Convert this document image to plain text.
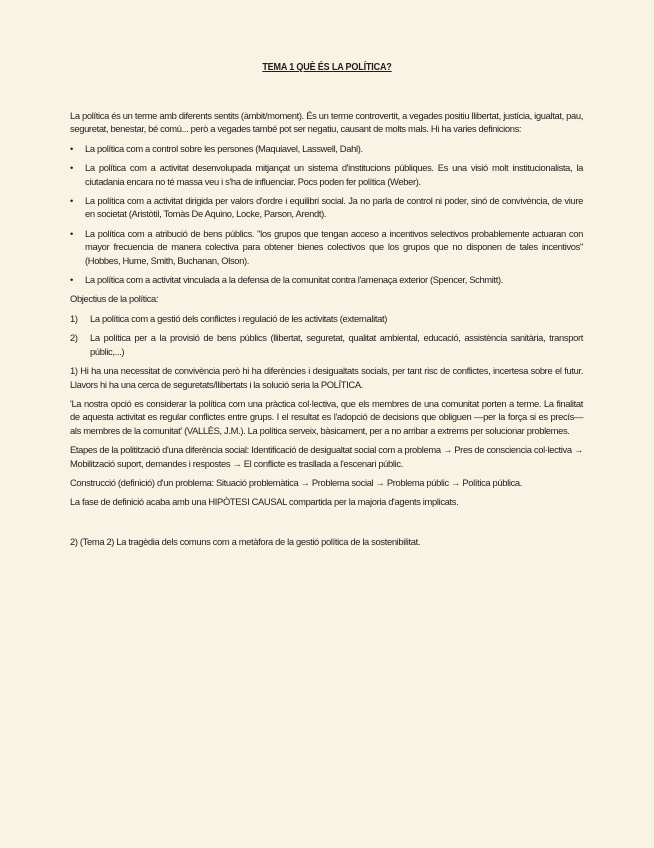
TEMA 1 QUÈ ÉS LA POLÍTICA?

La política és un terme amb diferents sentits (àmbit/moment). És un terme controvertit, a vegades positiu llibertat, justícia, igualtat, pau, seguretat, benestar, bé comú... però a vegades també pot ser negatiu, causant de molts mals. Hi ha varies definicions:

• La política com a control sobre les persones (Maquiavel, Lasswell, Dahl).
• La política com a activitat desenvolupada mitjançat un sistema d'institucions públiques. Es una visió molt institucionalista, la ciutadania encara no té massa veu i s'ha de influenciar. Pocs poden fer política (Weber).
• La política com a activitat dirigida per valors d'ordre i equilibri social. Ja no parla de control ni poder, sinó de convivència, de viure en societat (Aristòtil, Tomàs De Aquino, Locke, Parson, Arendt).
• La política com a atribució de bens públics. "los grupos que tengan acceso a incentivos selectivos probablemente actuaran con mayor frecuencia de manera colectiva para obtener bienes colectivos que los grupos que no disponen de tales incentivos" (Hobbes, Hume, Smith, Buchanan, Olson).
• La política com a activitat vinculada a la defensa de la comunitat contra l'amenaça exterior (Spencer, Schmitt).

Objectius de la política:

1) La política com a gestió dels conflictes i regulació de les activitats (externalitat)
2) La política per a la provisió de bens públics (llibertat, seguretat, qualitat ambiental, educació, assistència sanitària, transport públic,...)

1) Hi ha una necessitat de convivència però hi ha diferències i desigualtats socials, per tant risc de conflictes, incertesa sobre el futur. Llavors hi ha una cerca de seguretats/llibertats i la solució seria la POLÍTICA.

'La nostra opció es considerar la política com una pràctica col·lectiva, que els membres de una comunitat porten a terme. La finalitat de aquesta activitat es regular conflictes entre grups. I el resultat es l'adopció de decisions que obliguen —per la força si es precís— als membres de la comunitat' (VALLÈS, J.M.). La política serveix, bàsicament, per a no arribar a extrems per solucionar problemes.

Etapes de la politització d'una diferència social: Identificació de desigualtat social com a problema → Pres de consciencia col·lectiva → Mobilització suport, demandes i respostes → El conflicte es trasllada a l'escenari públic.

Construcció (definició) d'un problema: Situació problemàtica → Problema social → Problema públic → Política pública.

La fase de definició acaba amb una HIPÒTESI CAUSAL compartida per la majoria d'agents implicats.

2) (Tema 2) La tragèdia dels comuns com a metàfora de la gestió política de la sostenibilitat.
